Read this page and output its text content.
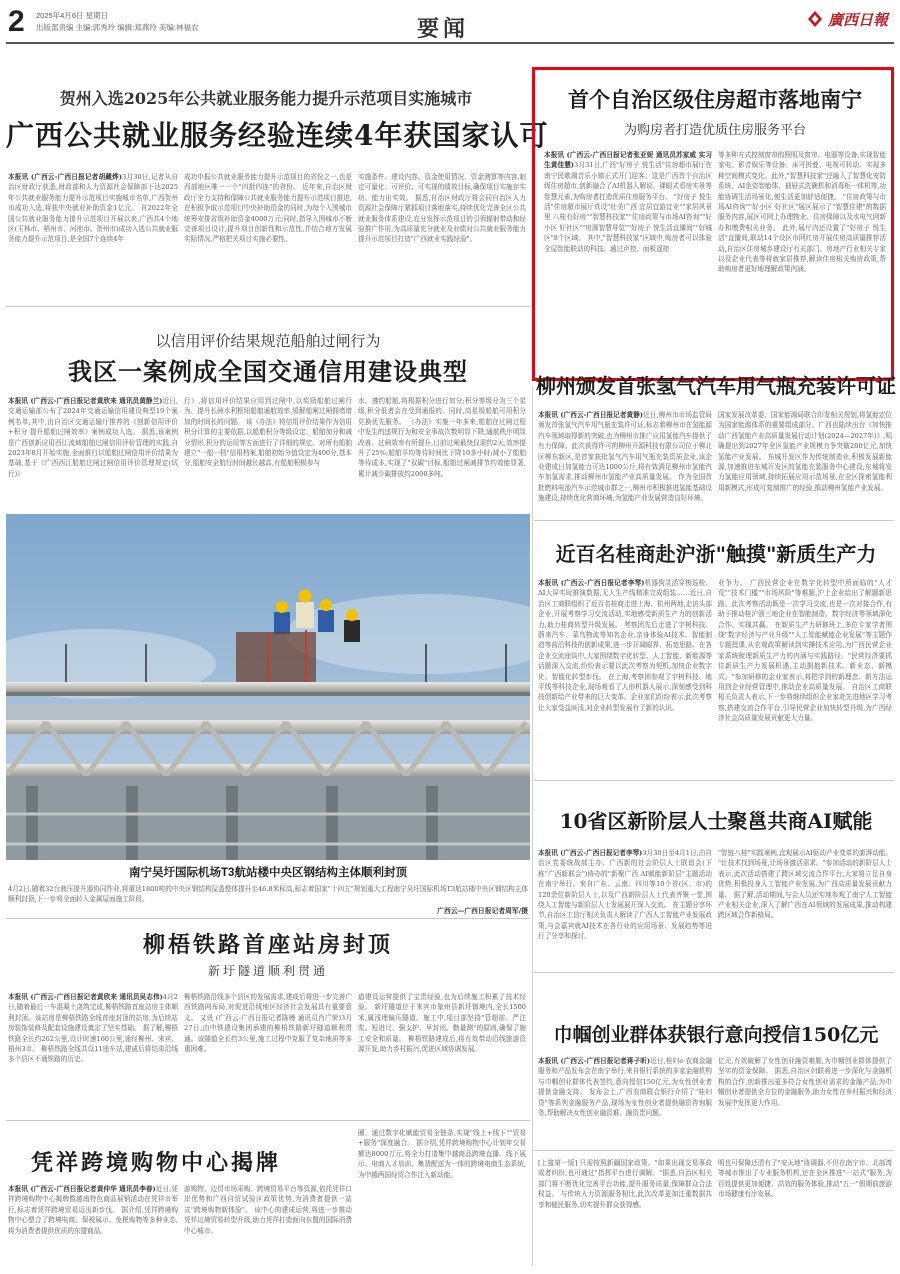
2 2025年4月6日 星期日
出版部责编 主编:郭秀玲 编辑:郑燕玲 美编:林福农	要闻	廣西日報
贺州入选2025年公共就业服务能力提升示范项目实施城市
广西公共就业服务经验连续4年获国家认可
本报讯 (广西云-广西日报记者胡藏烨)3月30日,记者从自治区财政厅获悉,财政部和人力资源社会保障部下达2025年公共就业服务能力提升示范项目实施城市名单,广西贺州市成功入选,将获中央就业补助资金1亿元。 自2022年全国公共就业服务能力提升示范项目开展以来,广西共4个地区(玉林市、梧州市、河池市、贺州市)成功入选公共就业服务能力提升示范项目,是全国7个连续4年
成功申报公共就业服务能力提升示范项目的省份之一,也是西部地区唯一一个"四批四连"的省份。 近年来,自治区财政厅全力支持和保障公共就业服务能力提升示范项目推进,在积极争取示范项目中央补助资金的同时,为每个入围城市统筹安排省级补助资金4000万元;同时,指导入围城市不断完善项目设计,提升项目创新性和示范性,并结合地方发展实际情况,严格把关项目实施必要性、
实施条件、建设内容、资金使用情况、资金测算等内容,制定可量化、可评价、可实现的绩效目标,确保项目实施存实功、能力出实效。 据悉,自治区财政厅将会同自治区人力资源社会保障厅紧抓项目落地落实,持续优化完善全区公共就业服务体系建设,充分发挥示范项目的引领辐射带动和经验推广作用,为高质量充分就业及业绩对公共就业服务能力提升示范项目打造"广西就业实践经验"。
首个自治区级住房超市落地南宁
为购房者打造优质住房服务平台
本报讯 (广西云-广西日报记者张亚妮 通讯员苏家威 实习生黄佳慧)3月31日,广西"好房子 悦生活"住房超市展厅在南宁民歌湖音乐小镇正式开门迎客。这是广西首个自治区级住房超市,创新融合了AI机器人解说、裸眼式看房实景等智慧元素,为购房者打造优质住房服务平台。 "好房子 悦生活"住房超市展厅真设"壮美广西 宜居宜游宜业""家居风景里 八桂有好房""智慧科技家""住房政策与市场AI咨询""好小区 好社区""房源智慧导览""好房子 悦生活直播间""好城区"8个区域。 其中,"智慧科技家"区域中,购房者可以体验全屋智能联动的科技。通过声控、面板遥控
等多种方式控制窗帘的照明及窗帘、电器等设备,实现智能家电、影音娱乐等设备。床可折叠、电视可转动、实现多种空间模式变化。此外,"智慧科技家"还融入了智慧化安防系统、AI坐姿智能体、抽屉式洗碗机和消毒柜一体机等,功能协调生活场景化,便生活更加舒适便捷。 "住房政策与市场AI咨询""好小区 好社区"展区展示了"智慧住建"的数据服务内容,展区可网上办理物业、住房保障以及水电气网新办和缴费相关业务。 此外,展厅内还设置了"好房子 悦生活"直播间,联动14个设区市网红房开展住房高质量推荐活动,自治区住房城乡建设厅有关部门、房地产行业相关专家以及企业代表等将就家居推荐,解读住房相关购房政策,帮助购房者更好地理解政策内涵。
以信用评价结果规范船舶过闸行为
我区一案例成全国交通信用建设典型
本报讯 (广西云-广西日报记者黄欣来 通讯员黄静兰)近日,交通运输部公布了2024年交通运输信用建设典型19个案例名单,其中,由自治区交通运输厅推荐的《创新信用评价+积分 提升船舶过闸效率》案例成功入选。 据悉,该案例是广西创新应用西江流域船舶过闸信用评价管理的实践,自2023年8月开始实施,全面推行以船舶过闸信用评价结果为基础,基于《广西西江船舶过闸过闸信用评价管理规定(试行)》
行》,将信用评价结果应用到过闸中,以奖励船舶过闸行为、提升长洲水利枢纽船舶通航效率,缓解船闸过闸拥堵增加的时间长的问题。 该《办法》将信用评价结果作为信用积分计算的主要依据,以船舶积分等级设定、船舶加分和减分情形,积分的运用等方面进行了详细的规定。对所有船舶建立"一船一档"信用档案,船舶初始分值设定为400分,基本分,船舶安全航行时间越长越高,有船舶积极参与
水、遵约船舶,将根据积分进行加分;积分等级分为三个星级,积分低者会在受到通报的。同时,高星级船舶可用积分兑换优先服务。 《办法》实施一年多来,船舶在过闸过程中发生的违规行为和安全事故次数明显下降,通航秩序明显改善。过闸效率有所提升,目前过闸最快仅需约2天,效率提升了25%;船舶平均等待时间比下降10多小时;减小了船舶等待成本,实现了"双碳"目标,船舶过闸减排节约效能显著,累计减少碳排放约2000多吨。
柳州颁发首张氢气汽车用气瓶充装许可证
本报讯 (广西云-广西日报记者黄静)近日,柳州市市场监管局颁发首张氢气汽车用气瓶充装许可证,标志着柳州市在氢能源汽车领域取得新的突破,也为柳州市推广应用氢能汽车提供了有力保障。此次获得许可的柳州开源科技有限公司位于柳北区柳东新区,是首家获批氢气汽车用气瓶充装资质企业,该企业建成日加氢能力可达1000公斤,将有效满足柳州市氢能汽车加氢需求,推动柳州市氢能产业高质量发展。 作为全国首批燃料电池汽车示范城市群之一,柳州市积极推进氢能基础设施建设,持续优化营商环境,为氢能产业发展营造良好环境。
国家发展改革委、国家能源局联合印发相关规划,将氢能定位为国家能源体系的重要组成部分。广西也陆续出台《加快推动广西氢能产业高质量发展行动计划(2024—2027年)》,明确提出到2027年全区氢能产业规模力争突破200亿元,加快氢能产业发展。 东城开发区作为传统制造业,积极发展新能源,加速推进东城开发区的氢能充装服务中心建设,东城将发力氢能应用领域,持续拓展应用示范场景,在全区探索氢能利用新模式,形成可复制推广的经验,推动柳州氢能产业发展。
近百名桂商赴沪浙"触摸"新质生产力
本报讯 (广西云-广西日报记者李琴)机器狗灵活穿梭巡检、AI大屏实时推演数据,无人生产线精准完成组装……近日,自治区工商联组织了近百名桂商走进上海、杭州两地,走访头部企业,开展考察学习交流活动,实地感受新质生产力的创新活力,助力桂商转型升级发展。 考察团先后走进了宇树科技、蔚来汽车、菜鸟物流等知名企业,亲身体验AI技术、智能制造等前沿科技的创新成果,进一步开阔眼界、拓宽思路。在各企业交流座谈中,大家围绕数字化转型、人工智能、新能源等话题深入交流,纷纷表示要以此次考察为契机,加快企业数字化、智能化转型步伐。 在上海,考察团参观了宇树科技、地平线等科技企业,现场观看了人形机器人展示,深刻感受到科技创新给产业带来的巨大变革。企业家们纷纷表示,此次考察让大家受益匪浅,对企业转型发展有了新的认识。
业争力。 广西民营企业在数字化转型中所面临的"人才荒""技术门槛""市场风险"等难题,沪上企业给出了解题新思路。此次考察活动既是一次学习交流,也是一次对接合作,有助于推动桂沪浙三地企业在智能制造、数字经济等领域深化合作、实现共赢。 在新质生产力研修班上,多位专家学者围绕"数字经济与产业升级""人工智能赋能企业发展"等主题作专题授课,从宏观政策解读到实操技术应用,为广西民营企业家系统梳理新质生产力的内涵与实践路径。"民营经济要抓住新质生产力发展机遇,主动拥抱新技术、新业态、新模式。"参加研修的企业家表示,将把学到的新理念、新方法运用到企业经营管理中,推动企业高质量发展。 自治区工商联相关负责人表示,下一步将继续组织企业家赴先进地区学习考察,搭建交流合作平台,引导民营企业加快转型升级,为广西经济社会高质量发展贡献更大力量。
10省区新阶层人士聚邕共商AI赋能
本报讯 (广西云-广西日报记者李琴)3月30日至4月1日,由自治区党委统战部主办、广西新的社会阶层人士联谊会(下称"广西新联会")协办的"新聚广西 AI赋能新阶层"主题活动在南宁举行。来自广东、云南、四川等10个省(区、市)的120余位新阶层人士,以及广西新阶层人士代表齐聚一堂,围绕人工智能与新阶层人士发展展开深入交流。 在主题分享环节,自治区工信厅相关负责人解读了广西人工智能产业发展政策,与会嘉宾就AI技术在各行业的应用场景、发展趋势等进行了分享和探讨。
"智链八桂"实践案例,直观展示AI驱动产业变革的澎湃动能。 "让技术找到场景,让场景激活需求。"参加活动的新阶层人士表示,此次活动搭建了跨区域交流合作平台,大家将立足自身优势,积极投身人工智能产业发展,为广西高质量发展贡献力量。 据了解,活动期间,与会人员还实地参观了南宁人工智能产业相关企业,深入了解广西在AI领域的发展成果,推动构建跨区域合作新格局。
南宁吴圩国际机场T3航站楼中央区钢结构主体顺利封顶
4月2日,随着32台液压提升器协同作业,将重达1800吨的中央区钢结构屋盖整体提升至46.8米标高,标志着国家"十四五"规划重大工程南宁吴圩国际机场T3航站楼中央区钢结构主体顺利封顶,下一步将全面转入金属屋面施工阶段。
广西云—广西日报记者周军/摄
柳梧铁路首座站房封顶
新圩隧道顺利贯通
本报讯 (广西云-广西日报记者黄欣来 通讯员吴志伟)4月2日,随着最后一车混凝土浇筑完成,柳梧铁路首座站房主体顺利封顶。该站房是柳梧铁路全线首座封顶的站房,为后续站房装饰装修及配套设施建设奠定了坚实基础。 据了解,柳梧铁路全长约262公里,设计时速160公里,途经柳州、来宾、梧州3市。 柳梧铁路全线共设11座车站,建成后将结束沿线多个县区不通铁路的历史。
柳梧铁路沿线多个县区的发展需求,建成后将进一步完善广西铁路网布局,对促进沿线地区经济社会发展具有重要意义。 又讯 (广西云-广西日报记者陈嫚 通讯员肖广荣)3月27日,由中铁建设集团承建的柳梧铁路新圩隧道顺利贯通。该隧道全长约3公里,施工过程中克服了复杂地质等多重困难。
道建设运营提供了宝贵经验,也为后续施工积累了技术经验。 新圩隧道位于来宾市象州县新圩镇境内,全长1500米,属浅埋偏压隧道。施工中,项目部坚持"管超前、严注浆、短进尺、强支护、早封闭、勤量测"的原则,确保了施工安全和质量。 柳梧铁路建成后,将有效带动沿线旅游资源开发,助力乡村振兴,促进区域协调发展。
巾帼创业群体获银行意向授信150亿元
本报讯 (广西云-广西日报记者蒋子昕)近日,桂妇e·农商金融服务和产品发布会在南宁举行,来自银行系统的多家金融机构与巾帼创业群体代表签约,意向授信150亿元,为女性创业者提供金融支持。 发布会上,广西农商联合银行介绍了"桂妇贷"等系列金融服务产品,现场为女性创业者提供融资咨询服务,帮助解决女性创业融资难、融资贵问题。
亿元,有效破解了女性创业融资难题,为巾帼创业群体提供了坚实的资金保障。 据悉,自治区妇联将进一步深化与金融机构的合作,创新推出更多符合女性创业需求的金融产品,为巾帼创业者提供全方位的金融服务,助力女性在乡村振兴和经济发展中发挥更大作用。
凭祥跨境购物中心揭牌
本报讯 (广西云-广西日报记者黄仲华 通讯员李春)近日,凭祥跨境购物中心揭牌暨越南特色商品展销活动在凭祥市举行,标志着凭祥跨境贸易迈出新步伐。 据介绍,凭祥跨境购物中心整合了跨境电商、保税展示、免税购物等多种业态,将为消费者提供优质的东盟商品。
游购物、边贸市场采购、跨境贸易平台等资源,依托凭祥口岸优势和广西自贸试验区政策优势,为消费者提供一站式"跨境购物新体验"。 该中心的建成运营,将进一步推动凭祥边境贸易转型升级,助力凭祥打造面向东盟的国际消费中心城市。
圈、通过数字化赋能贸易全链条,实现"线上+线下""贸易+服务"深度融合。 据介绍,凭祥跨境购物中心计划年交易额达8000万元,将全力打造集中越商品跨境直播、线下展示、电商人才培训、集货配送为一体的跨境电商生态系统,为中越两国经贸合作注入新动能。
[上接第一版] 只需按照新疆国家政策。"如果出现交易事故或者纠纷,也可通过"指挥平台进行调解。"据悉,自治区相关部门将不断优化完善平台功能,提升服务质量,保障群众合法权益。 与传统人力资源服务相比,此次改革更加注重数据共享和便民服务,切实提升群众获得感。
明也可保障还清有了"安天地"协调器,不但在南宁市、北部湾等城市推出了专业服务机构,还在全区推进"一站式"服务,为百姓提供更加便捷、高效的服务体验,推动"五一"假期前旅游市场健康有序发展。
